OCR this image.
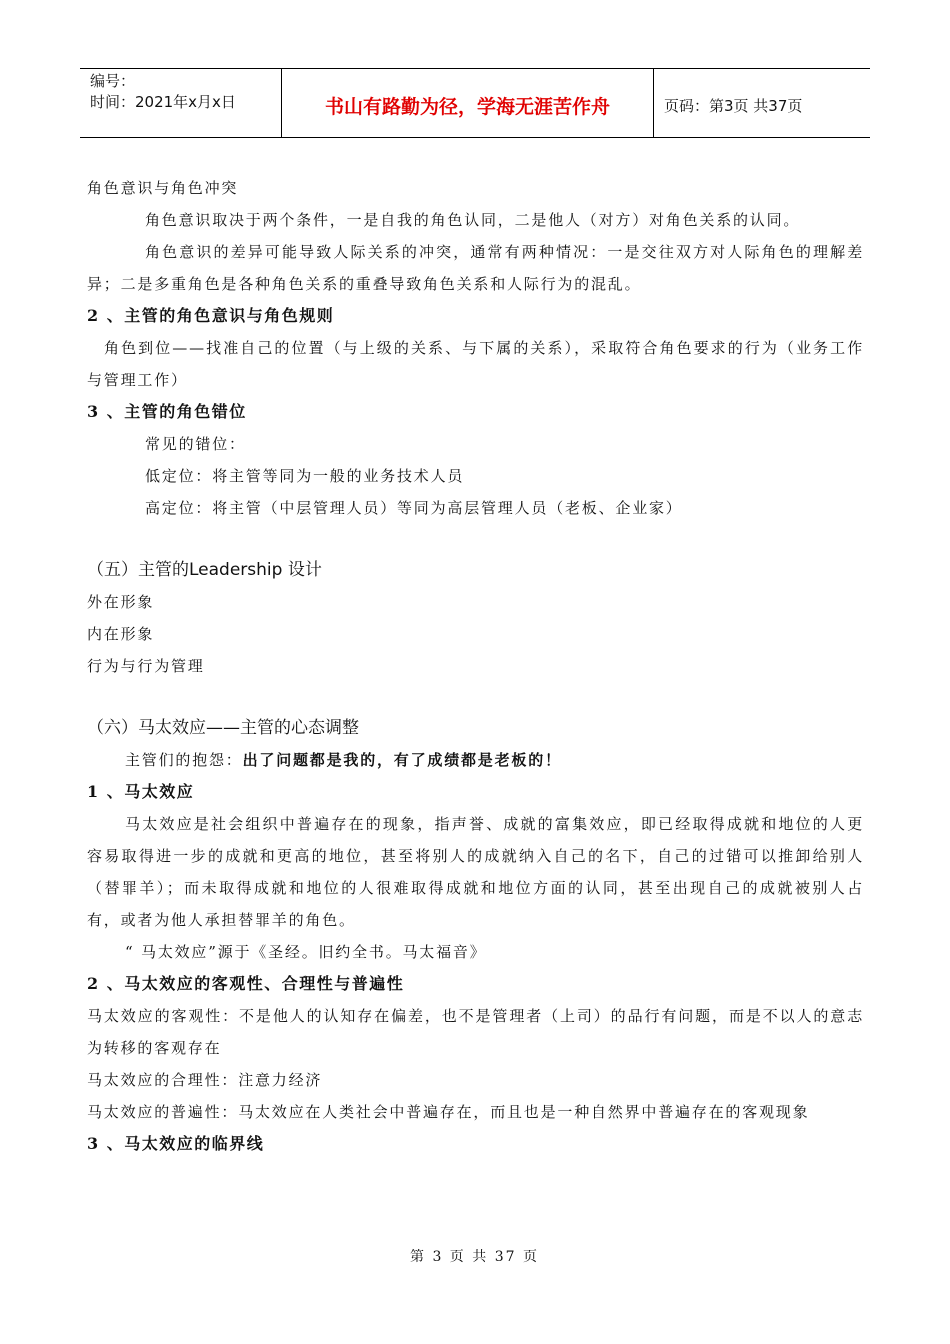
编号：
时间：2021年x月x日	书山有路勤为径，学海无涯苦作舟	页码：第3页 共37页

角色意识与角色冲突

角色意识取决于两个条件，一是自我的角色认同，二是他人（对方）对角色关系的认同。

角色意识的差异可能导致人际关系的冲突，通常有两种情况：一是交往双方对人际角色的理解差异；二是多重角色是各种角色关系的重叠导致角色关系和人际行为的混乱。

2 、主管的角色意识与角色规则

角色到位——找准自己的位置（与上级的关系、与下属的关系），采取符合角色要求的行为（业务工作与管理工作）

3 、主管的角色错位

常见的错位：

低定位：将主管等同为一般的业务技术人员

高定位：将主管（中层管理人员）等同为高层管理人员（老板、企业家）

（五）主管的Leadership 设计

外在形象

内在形象

行为与行为管理

（六）马太效应——主管的心态调整

主管们的抱怨：出了问题都是我的，有了成绩都是老板的！

1 、马太效应

马太效应是社会组织中普遍存在的现象，指声誉、成就的富集效应，即已经取得成就和地位的人更容易取得进一步的成就和更高的地位，甚至将别人的成就纳入自己的名下，自己的过错可以推卸给别人（替罪羊）；而未取得成就和地位的人很难取得成就和地位方面的认同，甚至出现自己的成就被别人占有，或者为他人承担替罪羊的角色。

“ 马太效应”源于《圣经。旧约全书。马太福音》

2 、马太效应的客观性、合理性与普遍性

马太效应的客观性：不是他人的认知存在偏差，也不是管理者（上司）的品行有问题，而是不以人的意志为转移的客观存在

马太效应的合理性：注意力经济

马太效应的普遍性：马太效应在人类社会中普遍存在，而且也是一种自然界中普遍存在的客观现象

3 、马太效应的临界线

第 3 页 共 37 页
